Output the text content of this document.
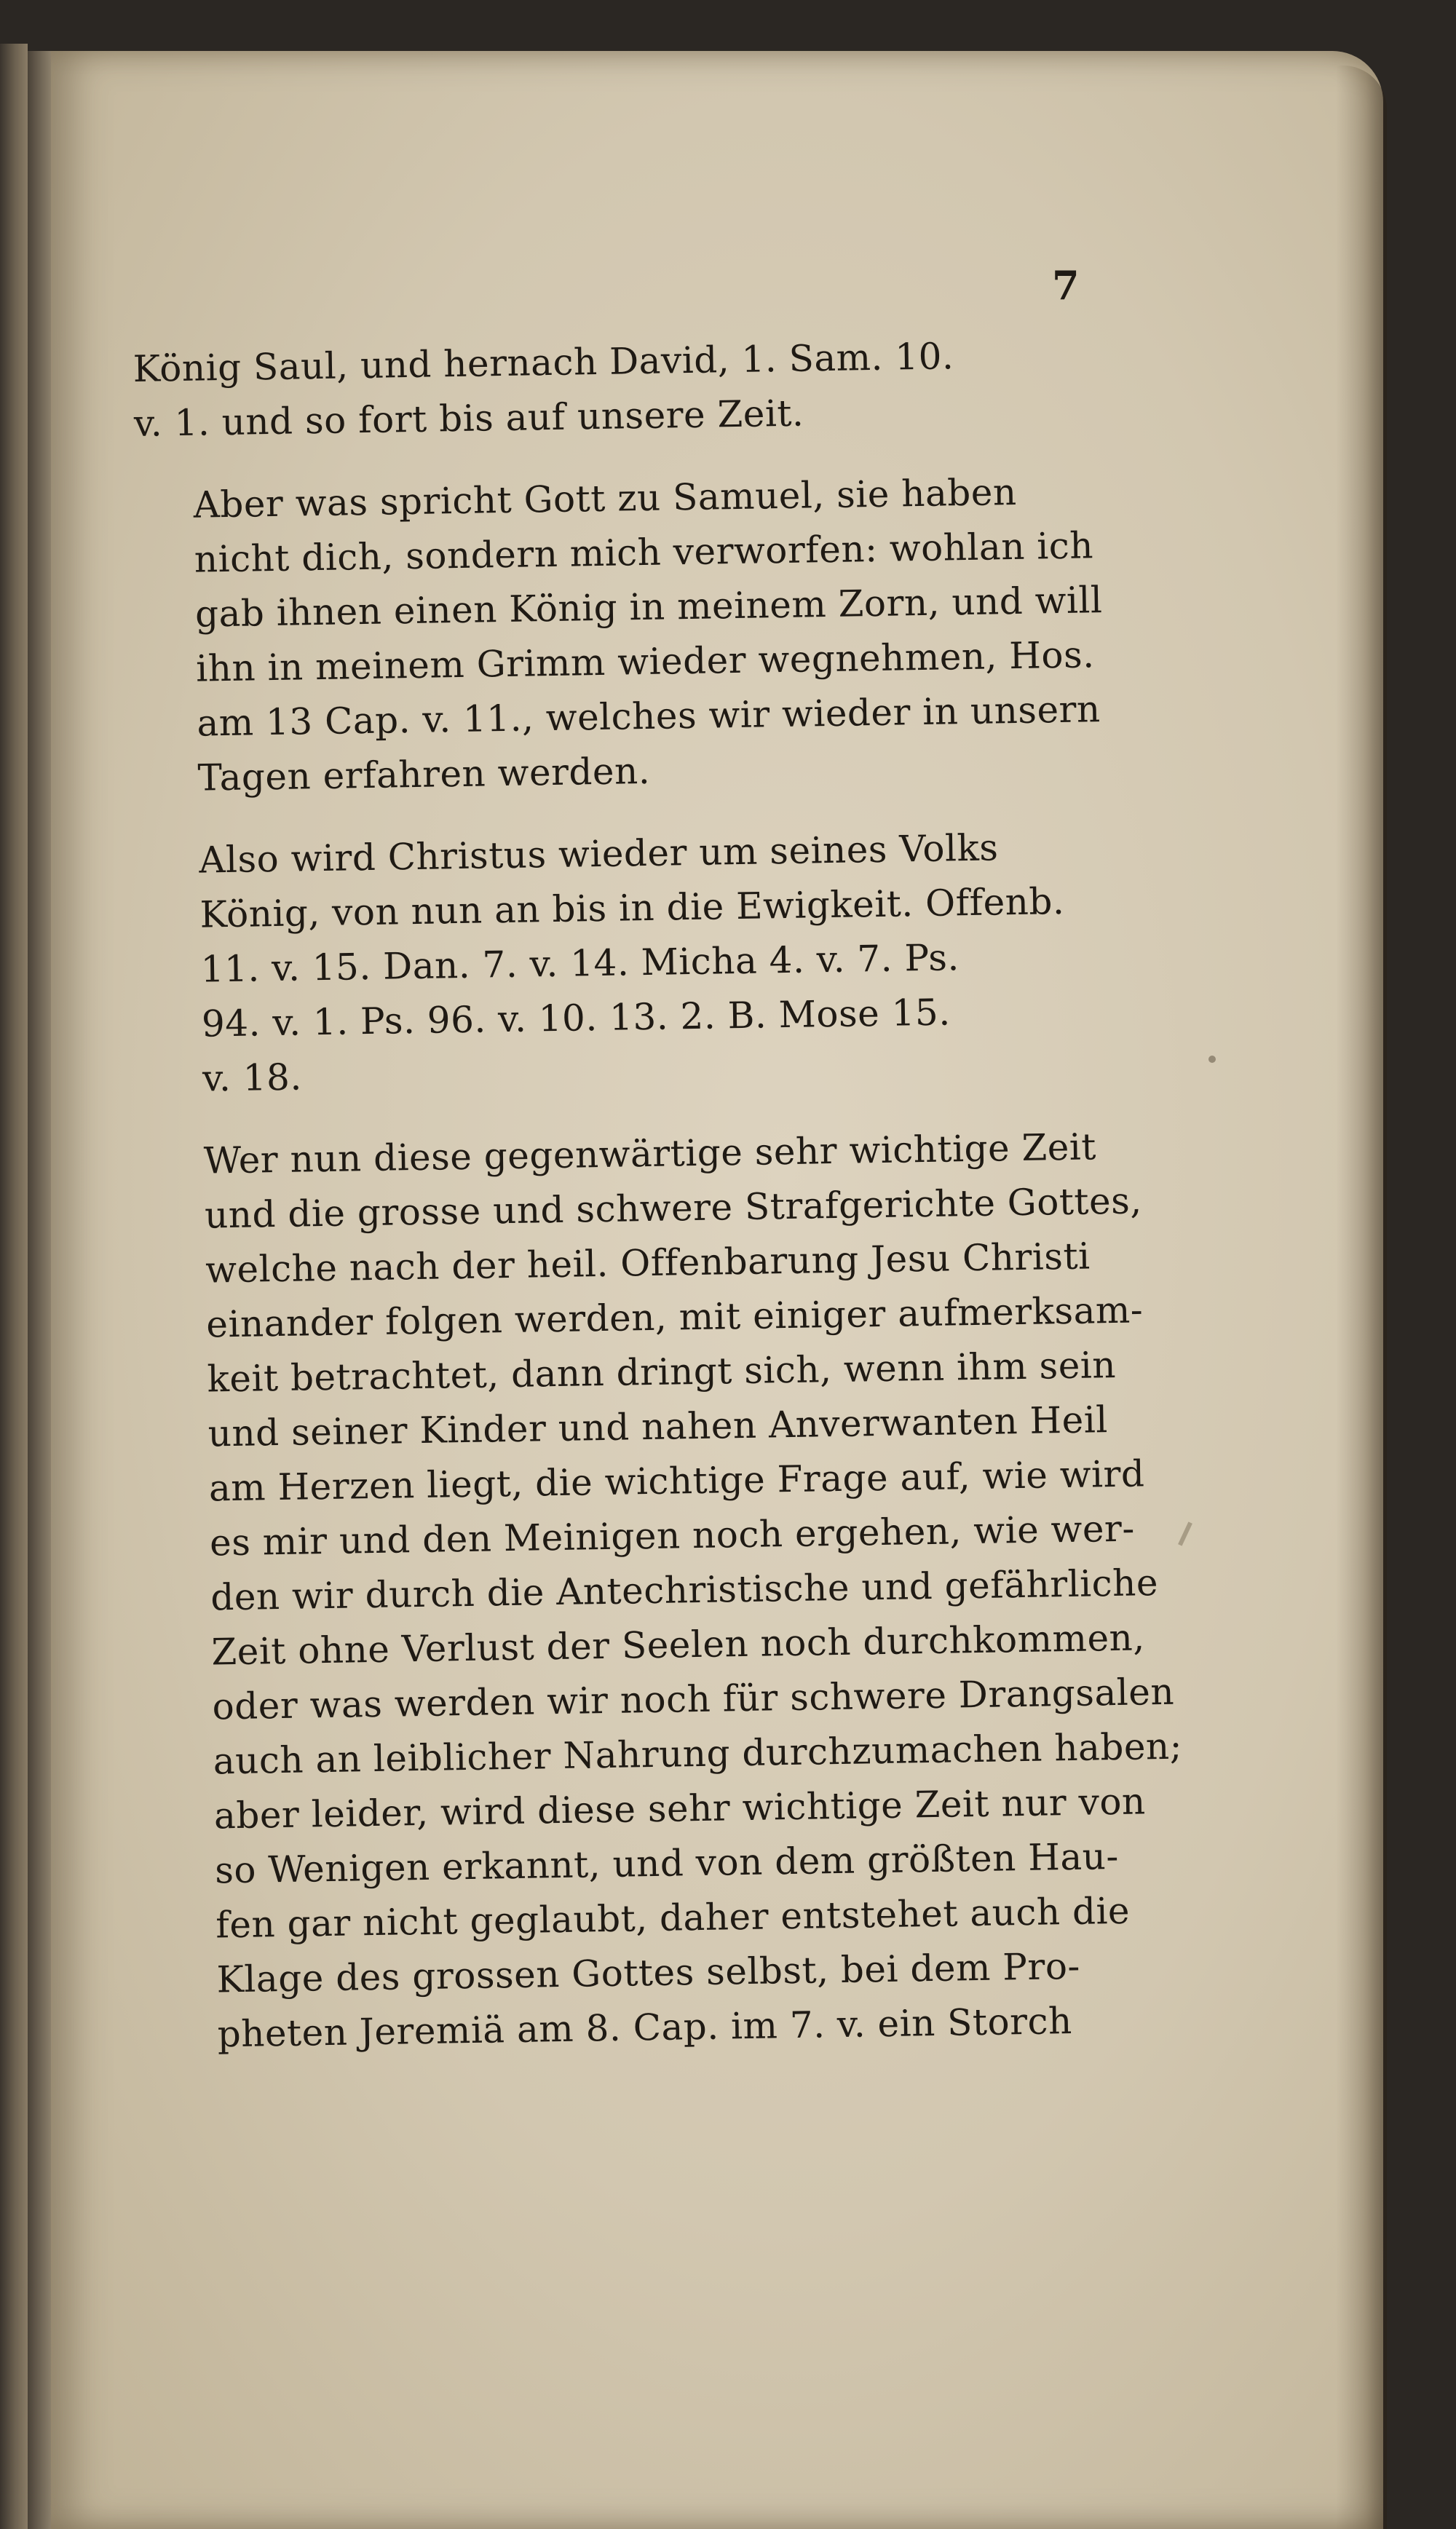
7

König Saul, und hernach David, 1. Sam. 10.
v. 1. und so fort bis auf unsere Zeit.

Aber was spricht Gott zu Samuel, sie haben
nicht dich, sondern mich verworfen: wohlan ich
gab ihnen einen König in meinem Zorn, und will
ihn in meinem Grimm wieder wegnehmen, Hos.
am 13 Cap. v. 11., welches wir wieder in unsern
Tagen erfahren werden.

Also wird Christus wieder um seines Volks
König, von nun an bis in die Ewigkeit. Offenb.
11. v. 15. Dan. 7. v. 14. Micha 4. v. 7. Ps.
94. v. 1. Ps. 96. v. 10. 13. 2. B. Mose 15.
v. 18.

Wer nun diese gegenwärtige sehr wichtige Zeit
und die grosse und schwere Strafgerichte Gottes,
welche nach der heil. Offenbarung Jesu Christi
einander folgen werden, mit einiger aufmerksam-
keit betrachtet, dann dringt sich, wenn ihm sein
und seiner Kinder und nahen Anverwanten Heil
am Herzen liegt, die wichtige Frage auf, wie wird
es mir und den Meinigen noch ergehen, wie wer-
den wir durch die Antechristische und gefährliche
Zeit ohne Verlust der Seelen noch durchkommen,
oder was werden wir noch für schwere Drangsalen
auch an leiblicher Nahrung durchzumachen haben;
aber leider, wird diese sehr wichtige Zeit nur von
so Wenigen erkannt, und von dem größten Hau-
fen gar nicht geglaubt, daher entstehet auch die
Klage des grossen Gottes selbst, bei dem Pro-
pheten Jeremiä am 8. Cap. im 7. v. ein Storch
